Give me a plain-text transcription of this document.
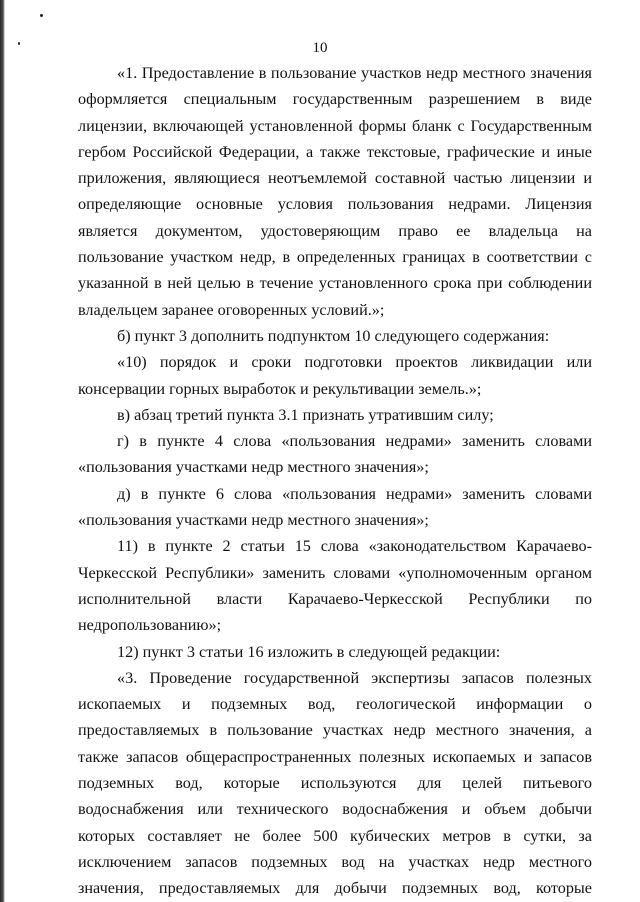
10

«1. Предоставление в пользование участков недр местного значения оформляется специальным государственным разрешением в виде лицензии, включающей установленной формы бланк с Государственным гербом Российской Федерации, а также текстовые, графические и иные приложения, являющиеся неотъемлемой составной частью лицензии и определяющие основные условия пользования недрами. Лицензия является документом, удостоверяющим право ее владельца на пользование участком недр, в определенных границах в соответствии с указанной в ней целью в течение установленного срока при соблюдении владельцем заранее оговоренных условий.»;

б) пункт 3 дополнить подпунктом 10 следующего содержания:

«10) порядок и сроки подготовки проектов ликвидации или консервации горных выработок и рекультивации земель.»;

в) абзац третий пункта 3.1 признать утратившим силу;

г) в пункте 4 слова «пользования недрами» заменить словами «пользования участками недр местного значения»;

д) в пункте 6 слова «пользования недрами» заменить словами «пользования участками недр местного значения»;

11) в пункте 2 статьи 15 слова «законодательством Карачаево-Черкесской Республики» заменить словами «уполномоченным органом исполнительной власти Карачаево-Черкесской Республики по недропользованию»;

12) пункт 3 статьи 16 изложить в следующей редакции:

«3. Проведение государственной экспертизы запасов полезных ископаемых и подземных вод, геологической информации о предоставляемых в пользование участках недр местного значения, а также запасов общераспространенных полезных ископаемых и запасов подземных вод, которые используются для целей питьевого водоснабжения или технического водоснабжения и объем добычи которых составляет не более 500 кубических метров в сутки, за исключением запасов подземных вод на участках недр местного значения, предоставляемых для добычи подземных вод, которые
